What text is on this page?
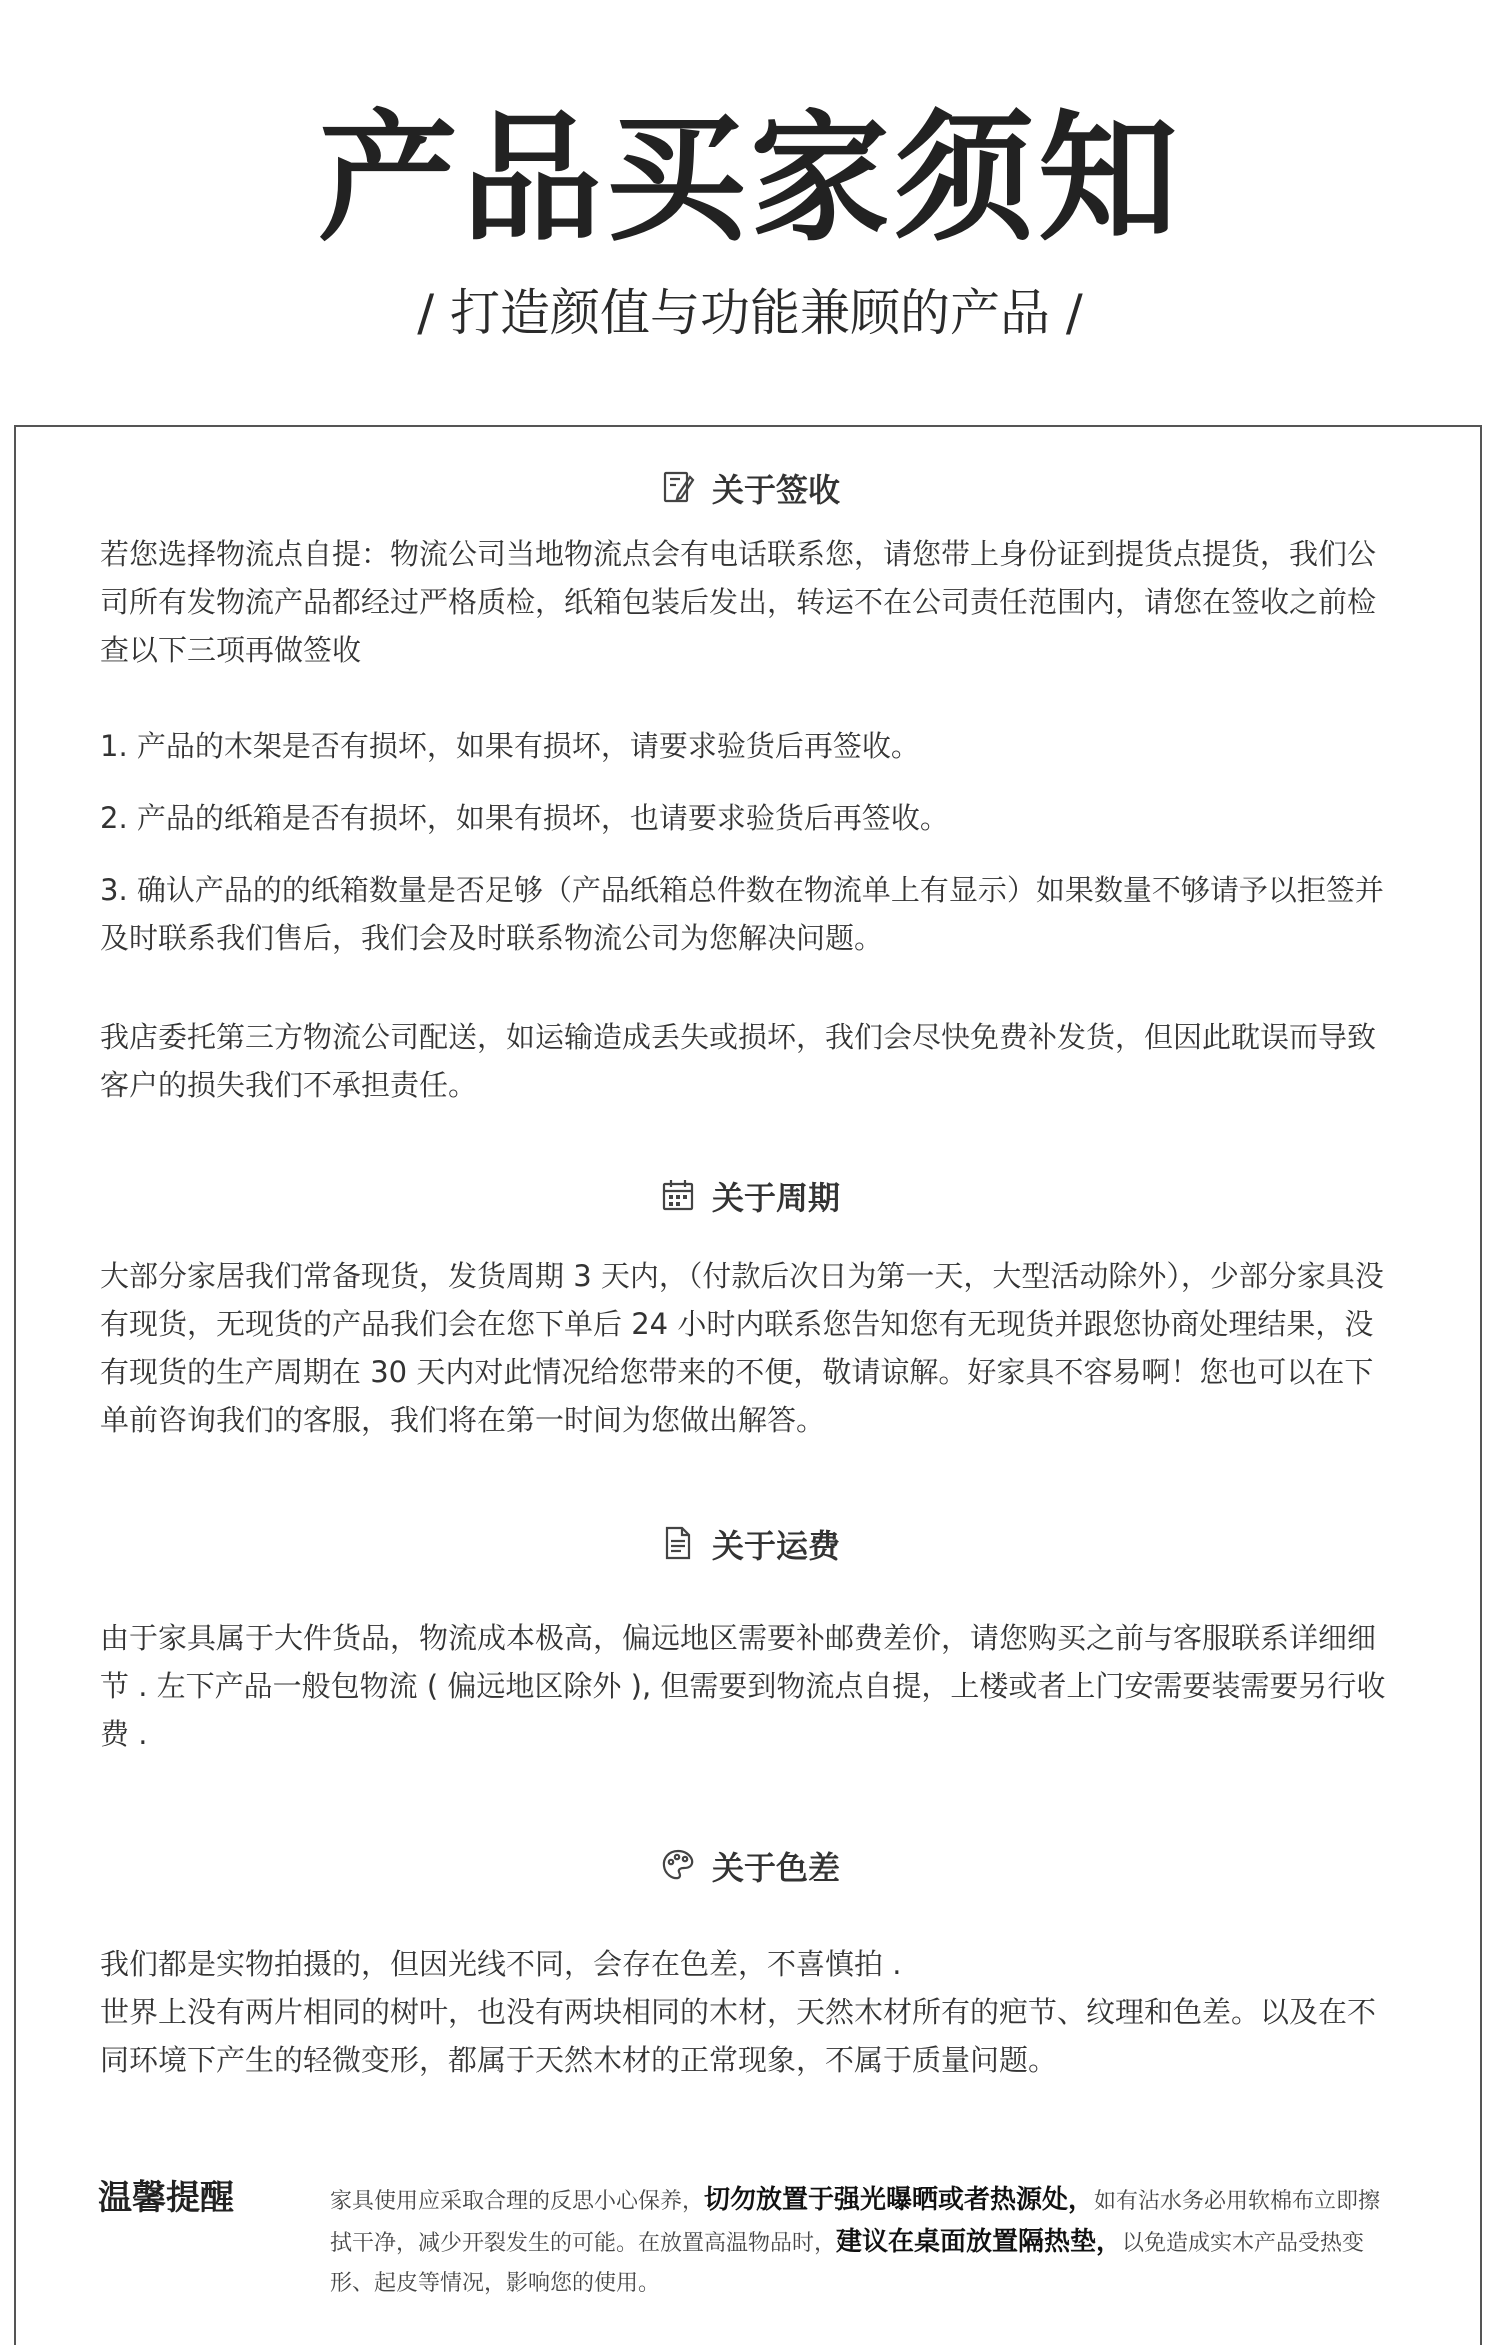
产品买家须知
/ 打造颜值与功能兼顾的产品 /
关于签收
若您选择物流点自提：物流公司当地物流点会有电话联系您，请您带上身份证到提货点提货，我们公司所有发物流产品都经过严格质检，纸箱包装后发出，转运不在公司责任范围内，请您在签收之前检查以下三项再做签收
1. 产品的木架是否有损坏，如果有损坏，请要求验货后再签收。
2. 产品的纸箱是否有损坏，如果有损坏，也请要求验货后再签收。
3. 确认产品的的纸箱数量是否足够（产品纸箱总件数在物流单上有显示）如果数量不够请予以拒签并及时联系我们售后，我们会及时联系物流公司为您解决问题。
我店委托第三方物流公司配送，如运输造成丢失或损坏，我们会尽快免费补发货，但因此耽误而导致客户的损失我们不承担责任。
关于周期
大部分家居我们常备现货，发货周期 3 天内，（付款后次日为第一天，大型活动除外），少部分家具没有现货，无现货的产品我们会在您下单后 24 小时内联系您告知您有无现货并跟您协商处理结果，没有现货的生产周期在 30 天内对此情况给您带来的不便，敬请谅解。好家具不容易啊！您也可以在下单前咨询我们的客服，我们将在第一时间为您做出解答。
关于运费
由于家具属于大件货品，物流成本极高，偏远地区需要补邮费差价，请您购买之前与客服联系详细细节 . 左下产品一般包物流 ( 偏远地区除外 ), 但需要到物流点自提，上楼或者上门安需要装需要另行收费 .
关于色差
我们都是实物拍摄的，但因光线不同，会存在色差，不喜慎拍 .
世界上没有两片相同的树叶，也没有两块相同的木材，天然木材所有的疤节、纹理和色差。以及在不同环境下产生的轻微变形，都属于天然木材的正常现象，不属于质量问题。
温馨提醒	家具使用应采取合理的反思小心保养，切勿放置于强光曝晒或者热源处，如有沾水务必用软棉布立即擦拭干净，减少开裂发生的可能。在放置高温物品时，建议在桌面放置隔热垫，以免造成实木产品受热变形、起皮等情况，影响您的使用。
